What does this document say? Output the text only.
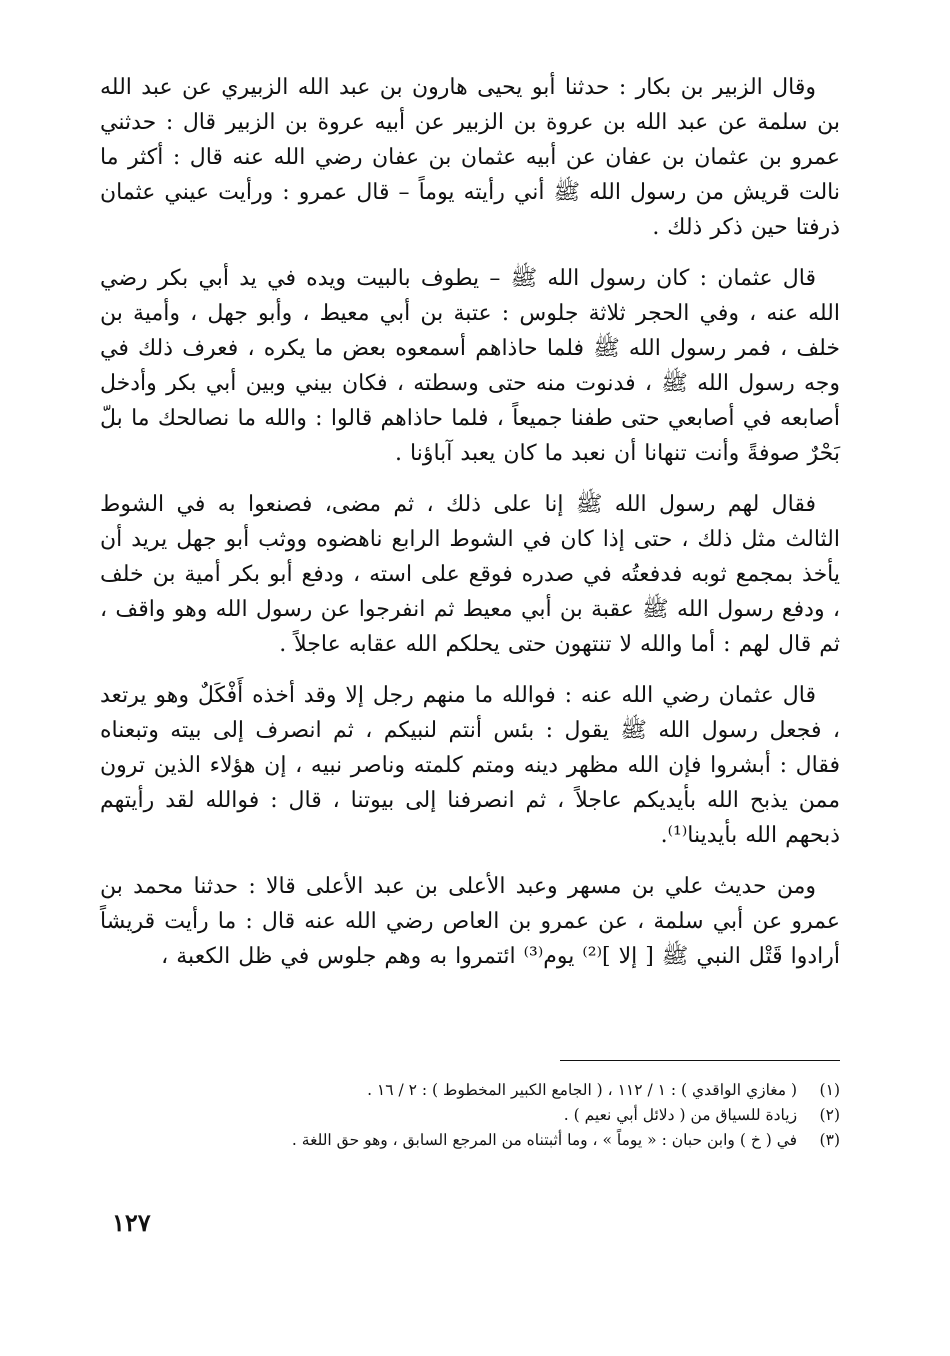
وقال الزبير بن بكار : حدثنا أبو يحيى هارون بن عبد الله الزبيري عن عبد الله بن سلمة عن عبد الله بن عروة بن الزبير عن أبيه عروة بن الزبير قال : حدثني عمرو بن عثمان بن عفان عن أبيه عثمان بن عفان رضي الله عنه قال : أكثر ما نالت قريش من رسول الله ﷺ أني رأيته يوماً – قال عمرو : ورأيت عيني عثمان ذرفتا حين ذكر ذلك .

قال عثمان : كان رسول الله ﷺ – يطوف بالبيت ويده في يد أبي بكر رضي الله عنه ، وفي الحجر ثلاثة جلوس : عتبة بن أبي معيط ، وأبو جهل ، وأمية بن خلف ، فمر رسول الله ﷺ فلما حاذاهم أسمعوه بعض ما يكره ، فعرف ذلك في وجه رسول الله ﷺ ، فدنوت منه حتى وسطته ، فكان بيني وبين أبي بكر وأدخل أصابعه في أصابعي حتى طفنا جميعاً ، فلما حاذاهم قالوا : والله ما نصالحك ما بلّ بَحْرٌ صوفةً وأنت تنهانا أن نعبد ما كان يعبد آباؤنا .

فقال لهم رسول الله ﷺ إنا على ذلك ، ثم مضى، فصنعوا به في الشوط الثالث مثل ذلك ، حتى إذا كان في الشوط الرابع ناهضوه ووثب أبو جهل يريد أن يأخذ بمجمع ثوبه فدفعتُه في صدره فوقع على استه ، ودفع أبو بكر أمية بن خلف ، ودفع رسول الله ﷺ عقبة بن أبي معيط ثم انفرجوا عن رسول الله وهو واقف ، ثم قال لهم : أما والله لا تنتهون حتى يحلكم الله عقابه عاجلاً .

قال عثمان رضي الله عنه : فوالله ما منهم رجل إلا وقد أخذه أَفْكَلٌ وهو يرتعد ، فجعل رسول الله ﷺ يقول : بئس أنتم لنبيكم ، ثم انصرف إلى بيته وتبعناه فقال : أبشروا فإن الله مظهر دينه ومتم كلمته وناصر نبيه ، إن هؤلاء الذين ترون ممن يذبح الله بأيديكم عاجلاً ، ثم انصرفنا إلى بيوتنا ، قال : فوالله لقد رأيتهم ذبحهم الله بأيدينا⁽¹⁾.

ومن حديث علي بن مسهر وعبد الأعلى بن عبد الأعلى قالا : حدثنا محمد بن عمرو عن أبي سلمة ، عن عمرو بن العاص رضي الله عنه قال : ما رأيت قريشاً أرادوا قَتْل النبي ﷺ [ إلا ]⁽²⁾ يوم⁽³⁾ ائتمروا به وهم جلوس في ظل الكعبة ،

(١) ( مغازي الواقدي ) : ١ / ١١٢ ، ( الجامع الكبير المخطوط ) : ٢ / ١٦ .
(٢) زيادة للسياق من ( دلائل أبي نعيم ) .
(٣) في ( خ ) وابن حبان : « يوماً » ، وما أثبتناه من المرجع السابق ، وهو حق اللغة .
١٢٧
